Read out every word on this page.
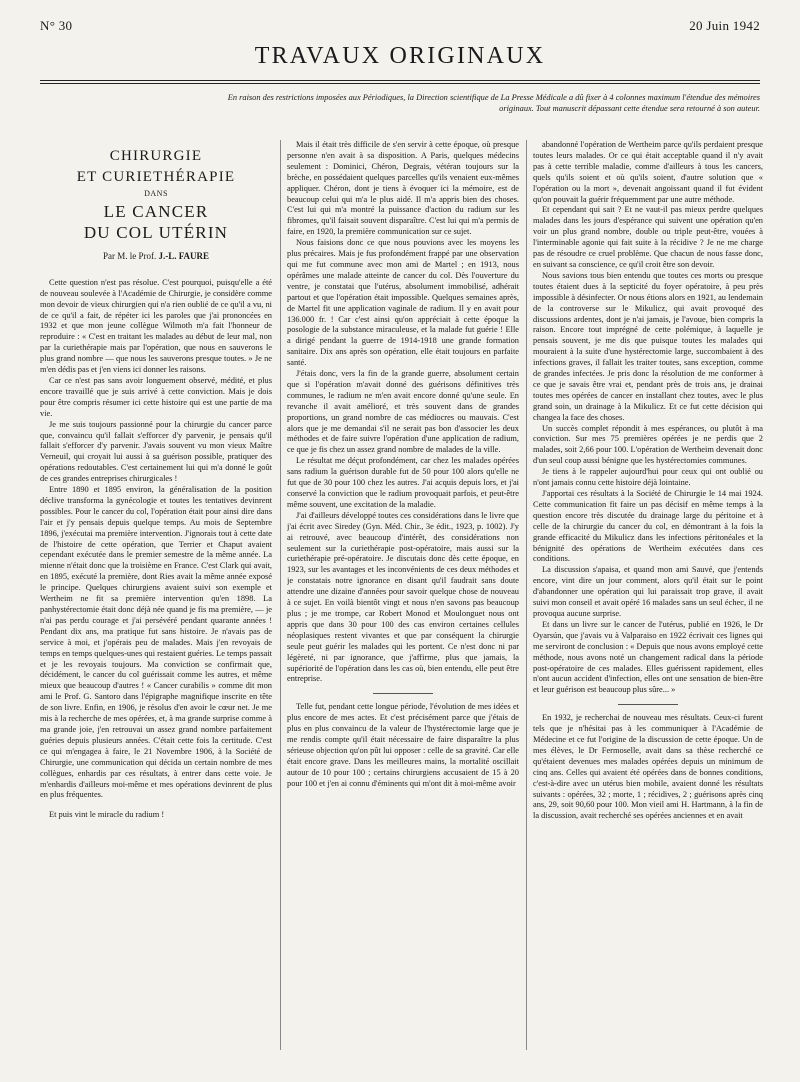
N° 30	20 Juin 1942
TRAVAUX ORIGINAUX
En raison des restrictions imposées aux Périodiques, la Direction scientifique de La Presse Médicale a dû fixer à 4 colonnes maximum l'étendue des mémoires originaux. Tout manuscrit dépassant cette étendue sera retourné à son auteur.

CHIRURGIE

ET CURIETHÉRAPIE

DANS

LE CANCER

DU COL UTÉRIN

Par M. le Prof. J.-L. FAURE

Cette question n'est pas résolue. C'est pourquoi, puisqu'elle a été de nouveau soulevée à l'Académie de Chirurgie, je considère comme mon devoir de vieux chirurgien qui n'a rien oublié de ce qu'il a vu, ni de ce qu'il a fait, de répéter ici les paroles que j'ai prononcées en 1932 et que mon jeune collègue Wilmoth m'a fait l'honneur de reproduire : « C'est en traitant les malades au début de leur mal, non par la curiethérapie mais par l'opération, que nous en sauverons le plus grand nombre — que nous les sauverons presque toutes. » Je ne m'en dédis pas et j'en viens ici donner les raisons.

Car ce n'est pas sans avoir longuement observé, médité, et plus encore travaillé que je suis arrivé à cette conviction. Mais je dois pour être compris résumer ici cette histoire qui est une partie de ma vie.

Je me suis toujours passionné pour la chirurgie du cancer parce que, convaincu qu'il fallait s'efforcer d'y parvenir, je pensais qu'il fallait s'efforcer d'y parvenir. J'avais souvent vu mon vieux Maître Verneuil, qui croyait lui aussi à sa guérison possible, pratiquer des opérations redoutables. C'est certainement lui qui m'a donné le goût de ces grandes entreprises chirurgicales !

Entre 1890 et 1895 environ, la généralisation de la position déclive transforma la gynécologie et toutes les tentatives devinrent possibles. Pour le cancer du col, l'opération était pour ainsi dire dans l'air et j'y pensais depuis quelque temps. Au mois de Septembre 1896, j'exécutai ma première intervention. J'ignorais tout à cette date de l'histoire de cette opération, que Terrier et Chaput avaient cependant exécutée dans le premier semestre de la même année. La mienne n'était donc que la troisième en France. C'est Clark qui avait, en 1895, exécuté la première, dont Ries avait la même année exposé le principe. Quelques chirurgiens avaient suivi son exemple et Wertheim ne fit sa première intervention qu'en 1898. La panhystérectomie était donc déjà née quand je fis ma première, — je n'ai pas perdu courage et j'ai persévéré pendant quarante années ! Pendant dix ans, ma pratique fut sans histoire. Je n'avais pas de service à moi, et j'opérais peu de malades. Mais j'en revoyais de temps en temps quelques-unes qui restaient guéries. Le temps passait et je les revoyais toujours. Ma conviction se confirmait que, décidément, le cancer du col guérissait comme les autres, et même mieux que beaucoup d'autres ! « Cancer curabilis » comme dit mon ami le Prof. G. Santoro dans l'épigraphe magnifique inscrite en tête de son livre. Enfin, en 1906, je résolus d'en avoir le cœur net. Je me mis à la recherche de mes opérées, et, à ma grande surprise comme à ma grande joie, j'en retrouvai un assez grand nombre parfaitement guéries depuis plusieurs années. C'était cette fois la certitude. C'est ce qui m'engagea à faire, le 21 Novembre 1906, à la Société de Chirurgie, une communication qui décida un certain nombre de mes collègues, enhardis par ces résultats, à entrer dans cette voie. Je m'enhardis d'ailleurs moi-même et mes opérations devinrent de plus en plus fréquentes.

Et puis vint le miracle du radium !

Mais il était très difficile de s'en servir à cette époque, où presque personne n'en avait à sa disposition. A Paris, quelques médecins seulement : Dominici, Chéron, Degrais, vétéran toujours sur la brèche, en possédaient quelques parcelles qu'ils venaient eux-mêmes appliquer. Chéron, dont je tiens à évoquer ici la mémoire, est de beaucoup celui qui m'a le plus aidé. Il m'a appris bien des choses. C'est lui qui m'a montré la puissance d'action du radium sur les fibromes, qu'il faisait souvent disparaître. C'est lui qui m'a permis de faire, en 1920, la première communication sur ce sujet.

Nous faisions donc ce que nous pouvions avec les moyens les plus précaires. Mais je fus profondément frappé par une observation qui me fut commune avec mon ami de Martel ; en 1913, nous opérâmes une malade atteinte de cancer du col. Dès l'ouverture du ventre, je constatai que l'utérus, absolument immobilisé, adhérait partout et que l'opération était impossible. Quelques semaines après, de Martel fit une application vaginale de radium. Il y en avait pour 136.000 fr. ! Car c'est ainsi qu'on appréciait à cette époque la posologie de la substance miraculeuse, et la malade fut guérie ! Elle a dirigé pendant la guerre de 1914-1918 une grande formation sanitaire. Dix ans après son opération, elle était toujours en parfaite santé.

J'étais donc, vers la fin de la grande guerre, absolument certain que si l'opération m'avait donné des guérisons définitives très communes, le radium ne m'en avait encore donné qu'une seule. En revanche il avait amélioré, et très souvent dans de grandes proportions, un grand nombre de cas médiocres ou mauvais. C'est alors que je me demandai s'il ne serait pas bon d'associer les deux méthodes et de faire suivre l'opération d'une application de radium, ce que je fis chez un assez grand nombre de malades de la ville.

Le résultat me déçut profondément, car chez les malades opérées sans radium la guérison durable fut de 50 pour 100 alors qu'elle ne fut que de 30 pour 100 chez les autres. J'ai acquis depuis lors, et j'ai conservé la conviction que le radium provoquait parfois, et peut-être même souvent, une excitation de la maladie.

J'ai d'ailleurs développé toutes ces considérations dans le livre que j'ai écrit avec Siredey (Gyn. Méd. Chir., 3e édit., 1923, p. 1002). J'y ai retrouvé, avec beaucoup d'intérêt, des considérations non seulement sur la curiethérapie post-opératoire, mais aussi sur la curiethérapie pré-opératoire. Je discutais donc dès cette époque, en 1923, sur les avantages et les inconvénients de ces deux méthodes et je constatais notre ignorance en disant qu'il faudrait sans doute attendre une dizaine d'années pour savoir quelque chose de nouveau à ce sujet. En voilà bientôt vingt et nous n'en savons pas beaucoup plus ; je me trompe, car Robert Monod et Moulonguet nous ont appris que dans 30 pour 100 des cas environ certaines cellules néoplasiques restent vivantes et que par conséquent la chirurgie seule peut guérir les malades qui les portent. Ce n'est donc ni par légèreté, ni par ignorance, que j'affirme, plus que jamais, la supériorité de l'opération dans les cas où, bien entendu, elle peut être entreprise.

Telle fut, pendant cette longue période, l'évolution de mes idées et plus encore de mes actes. Et c'est précisément parce que j'étais de plus en plus convaincu de la valeur de l'hystérectomie large que je me rendis compte qu'il était nécessaire de faire disparaître la plus sérieuse objection qu'on pût lui opposer : celle de sa gravité. Car elle était encore grave. Dans les meilleures mains, la mortalité oscillait autour de 10 pour 100 ; certains chirurgiens accusaient de 15 à 20 pour 100 et j'en ai connu d'éminents qui m'ont dit à moi-même avoir

abandonné l'opération de Wertheim parce qu'ils perdaient presque toutes leurs malades. Or ce qui était acceptable quand il n'y avait pas à cette terrible maladie, comme d'ailleurs à tous les cancers, quels qu'ils soient et où qu'ils soient, d'autre solution que « l'opération ou la mort », devenait angoissant quand il fut évident qu'on pouvait la guérir fréquemment par une autre méthode.

Et cependant qui sait ? Et ne vaut-il pas mieux perdre quelques malades dans les jours d'espérance qui suivent une opération qu'en voir un plus grand nombre, double ou triple peut-être, vouées à l'interminable agonie qui fait suite à la récidive ? Je ne me charge pas de résoudre ce cruel problème. Que chacun de nous fasse donc, en suivant sa conscience, ce qu'il croit être son devoir.

Nous savions tous bien entendu que toutes ces morts ou presque toutes étaient dues à la septicité du foyer opératoire, à peu près impossible à désinfecter. Or nous étions alors en 1921, au lendemain de la controverse sur le Mikulicz, qui avait provoqué des discussions ardentes, dont je n'ai jamais, je l'avoue, bien compris la raison. Encore tout imprégné de cette polémique, à laquelle je pensais souvent, je me dis que puisque toutes les malades qui mouraient à la suite d'une hystérectomie large, succombaient à des infections graves, il fallait les traiter toutes, sans exception, comme de grandes infectées. Je pris donc la résolution de me conformer à ce que je savais être vrai et, pendant près de trois ans, je drainai toutes mes opérées de cancer en installant chez toutes, avec le plus grand soin, un drainage à la Mikulicz. Et ce fut cette décision qui changea la face des choses.

Un succès complet répondit à mes espérances, ou plutôt à ma conviction. Sur mes 75 premières opérées je ne perdis que 2 malades, soit 2,66 pour 100. L'opération de Wertheim devenait donc d'un seul coup aussi bénigne que les hystérectomies communes.

Je tiens à le rappeler aujourd'hui pour ceux qui ont oublié ou n'ont jamais connu cette histoire déjà lointaine.

J'apportai ces résultats à la Société de Chirurgie le 14 mai 1924. Cette communication fit faire un pas décisif en même temps à la question encore très discutée du drainage large du péritoine et à celle de la chirurgie du cancer du col, en démontrant à la fois la grande efficacité du Mikulicz dans les infections péritonéales et la bénignité des opérations de Wertheim exécutées dans ces conditions.

La discussion s'apaisa, et quand mon ami Sauvé, que j'entends encore, vint dire un jour comment, alors qu'il était sur le point d'abandonner une opération qui lui paraissait trop grave, il avait suivi mon conseil et avait opéré 16 malades sans un seul échec, il ne provoqua aucune surprise.

Et dans un livre sur le cancer de l'utérus, publié en 1926, le Dr Oyarsún, que j'avais vu à Valparaiso en 1922 écrivait ces lignes qui me serviront de conclusion : « Depuis que nous avons employé cette méthode, nous avons noté un changement radical dans la période post-opératoire de ces malades. Elles guérissent rapidement, elles n'ont aucun accident d'infection, elles ont une sensation de bien-être et leur guérison est beaucoup plus sûre... »

En 1932, je recherchai de nouveau mes résultats. Ceux-ci furent tels que je n'hésitai pas à les communiquer à l'Académie de Médecine et ce fut l'origine de la discussion de cette époque. Un de mes élèves, le Dr Fermoselle, avait dans sa thèse recherché ce qu'étaient devenues mes malades opérées depuis un minimum de cinq ans. Celles qui avaient été opérées dans de bonnes conditions, c'est-à-dire avec un utérus bien mobile, avaient donné les résultats suivants : opérées, 32 ; morte, 1 ; récidives, 2 ; guérisons après cinq ans, 29, soit 90,60 pour 100. Mon vieil ami H. Hartmann, à la fin de la discussion, avait recherché ses opérées anciennes et en avait
